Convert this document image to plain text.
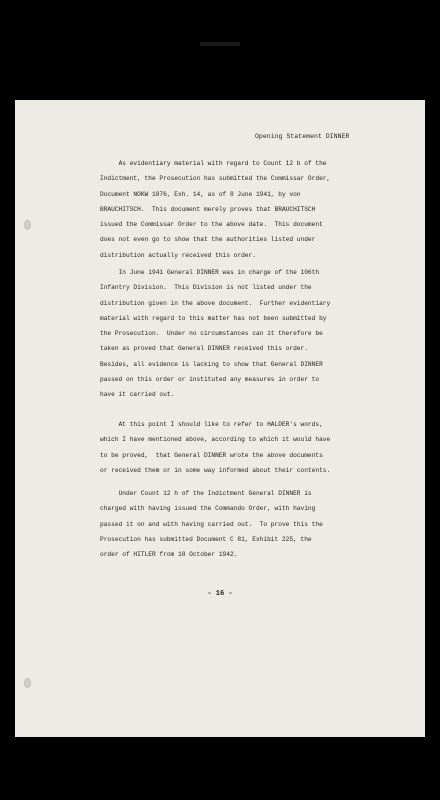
Opening Statement DINNER

As evidentiary material with regard to Count 12 b of the
Indictment, the Prosecution has submitted the Commissar Order,
Document NOKW 1076, Exh. 14, as of 8 June 1941, by von
BRAUCHITSCH.  This document merely proves that BRAUCHITSCH
issued the Commissar Order to the above date.  This document
does not even go to show that the authorities listed under
distribution actually received this order.

In June 1941 General DINNER was in charge of the 106th
Infantry Division.  This Division is not listed under the
distribution given in the above document.  Further evidentiary
material with regard to this matter has not been submitted by
the Prosecution.  Under no circumstances can it therefore be
taken as proved that General DINNER received this order.
Besides, all evidence is lacking to show that General DINNER
passed on this order or instituted any measures in order to
have it carried out.

At this point I should like to refer to HALDER's words,
which I have mentioned above, according to which it would have
to be proved,  that General DINNER wrote the above documents
or received them or in some way informed about their contents.

Under Count 12 h of the Indictment General DINNER is
charged with having issued the Commando Order, with having
passed it on and with having carried out.  To prove this the
Prosecution has submitted Document C 81, Exhibit 225, the
order of HITLER from 18 October 1942.

- 16 -
